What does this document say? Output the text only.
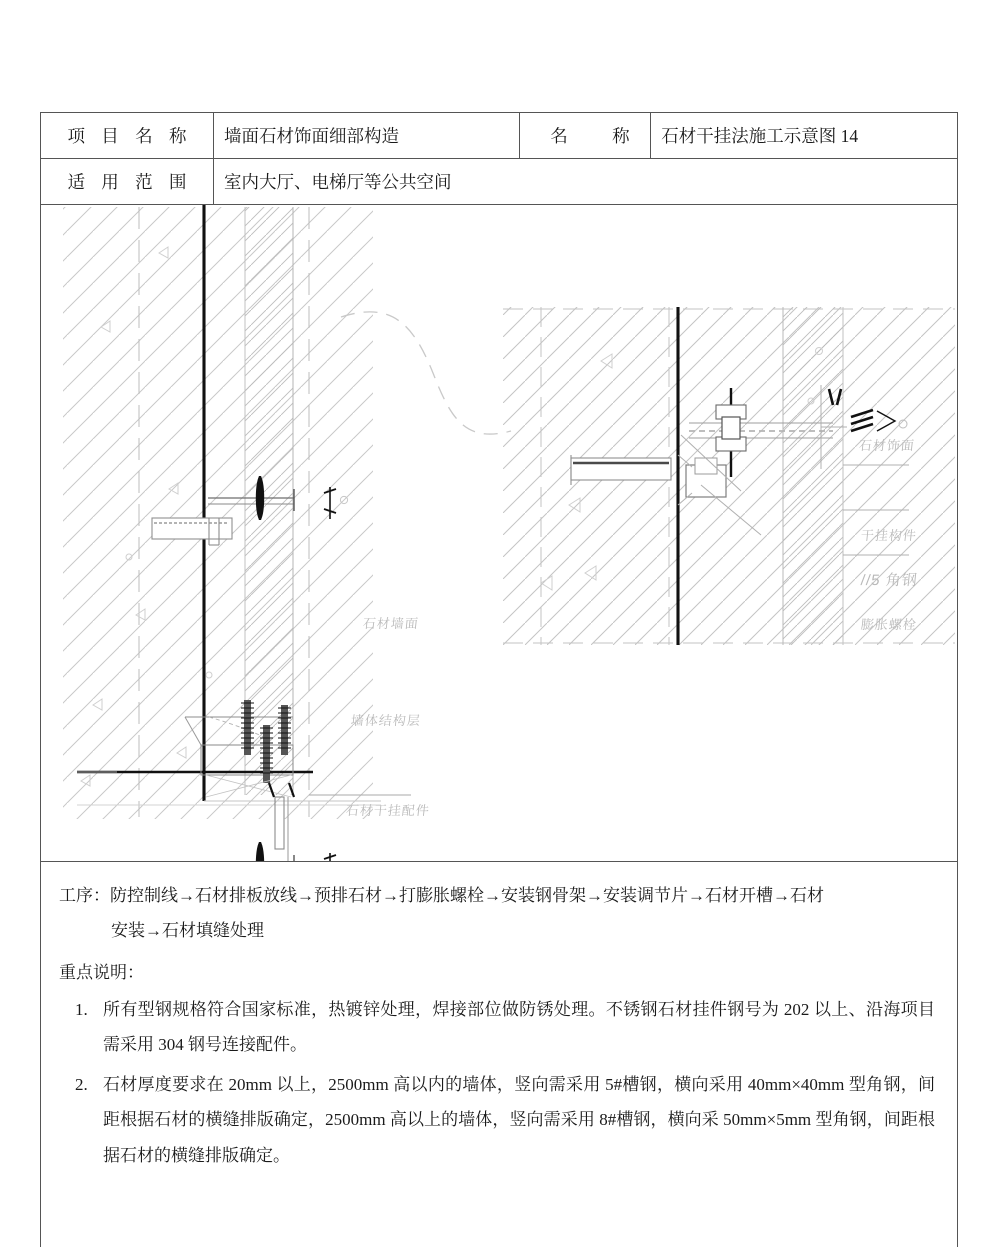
项 目 名 称	墙面石材饰面细部构造	名 称	石材干挂法施工示意图 14
适 用 范 围	室内大厅、电梯厅等公共空间		
石材墙面
墙体结构层
石材干挂配件
石材饰面
干挂构件
//5 角钢
膨胀螺栓
工序：防控制线→石材排板放线→预排石材→打膨胀螺栓→安装钢骨架→安装调节片→石材开槽→石材
安装→石材填缝处理
重点说明：
所有型钢规格符合国家标准，热镀锌处理，焊接部位做防锈处理。不锈钢石材挂件钢号为 202 以上、沿海项目需采用 304 钢号连接配件。
石材厚度要求在 20mm 以上，2500mm 高以内的墙体，竖向需采用 5#槽钢，横向采用 40mm×40mm 型角钢，间距根据石材的横缝排版确定，2500mm 高以上的墙体，竖向需采用 8#槽钢，横向采 50mm×5mm 型角钢，间距根据石材的横缝排版确定。
